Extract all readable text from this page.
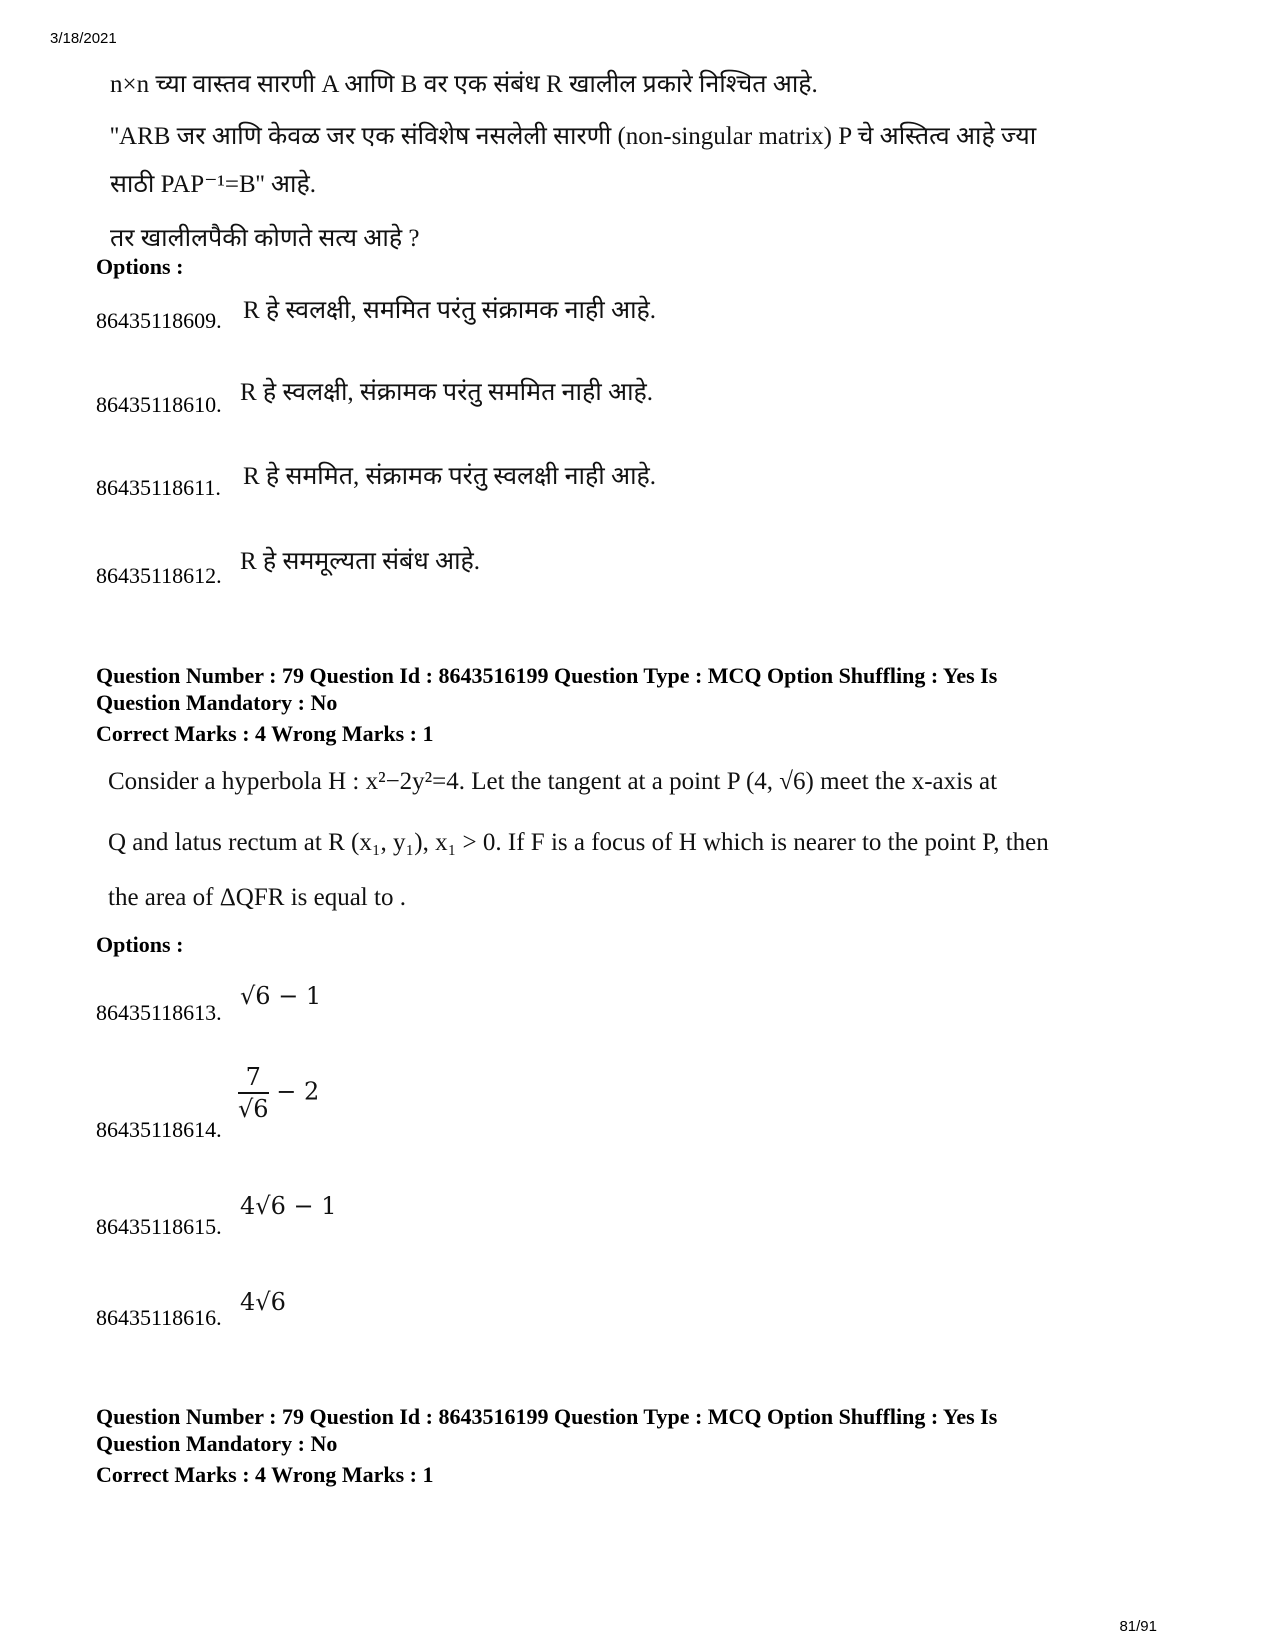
3/18/2021
n×n च्या वास्तव सारणी A आणि B वर एक संबंध R खालील प्रकारे निश्चित आहे.
''ARB जर आणि केवळ जर एक संविशेष नसलेली सारणी (non-singular matrix) P चे अस्तित्व आहे ज्या
साठी PAP⁻¹=B'' आहे.
तर खालीलपैकी कोणते सत्य आहे ?
Options :
86435118609. R हे स्वलक्षी, सममित परंतु संक्रामक नाही आहे.
86435118610. R हे स्वलक्षी, संक्रामक परंतु सममित नाही आहे.
86435118611. R हे सममित, संक्रामक परंतु स्वलक्षी नाही आहे.
86435118612.
R हे सममूल्यता संबंध आहे.
Question Number : 79 Question Id : 8643516199 Question Type : MCQ Option Shuffling : Yes Is
Question Mandatory : No
Correct Marks : 4 Wrong Marks : 1
Consider a hyperbola H : x²−2y²=4. Let the tangent at a point P (4, √6) meet the x-axis at
Q and latus rectum at R (x₁, y₁), x₁ > 0. If F is a focus of H which is nearer to the point P, then
the area of ΔQFR is equal to .
Options :
86435118613.
√6 − 1
86435118614.
$\frac{7}{√6} - 2$
86435118615.
4√6 − 1
86435118616.
4√6
Question Number : 79 Question Id : 8643516199 Question Type : MCQ Option Shuffling : Yes Is
Question Mandatory : No
Correct Marks : 4 Wrong Marks : 1
81/91
